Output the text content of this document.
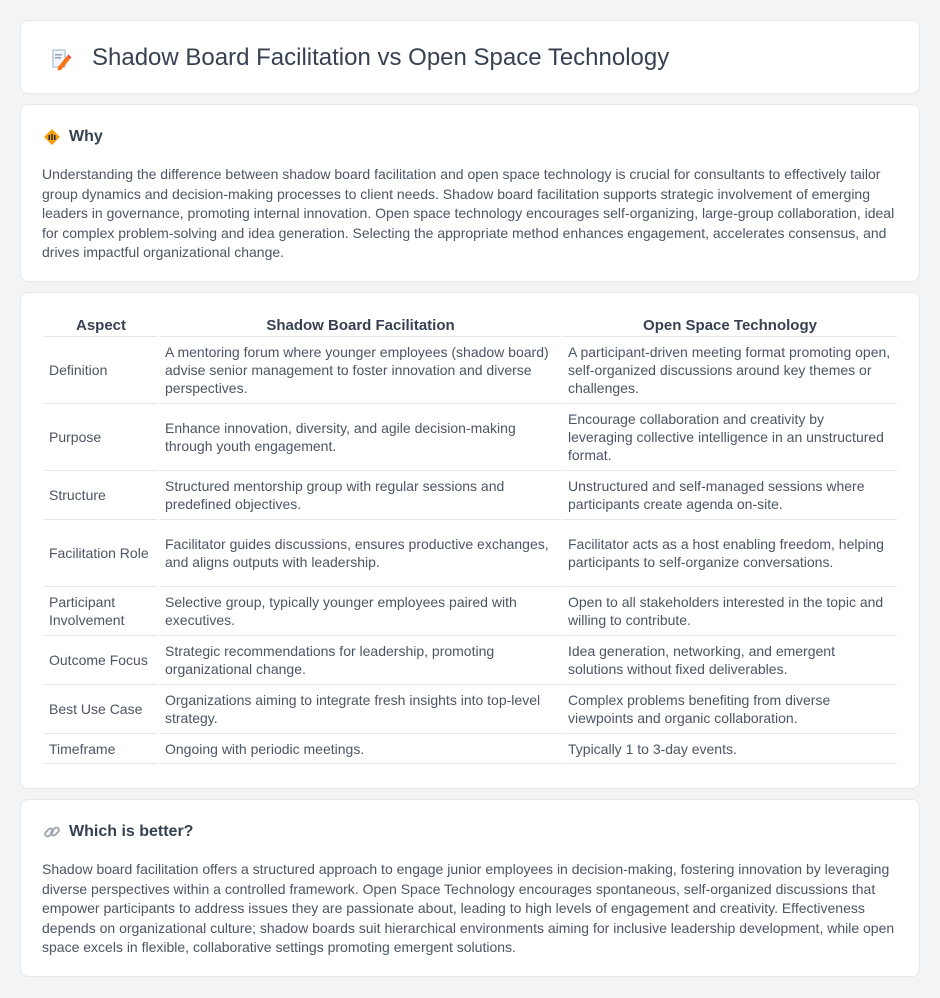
Shadow Board Facilitation vs Open Space Technology
Why

Understanding the difference between shadow board facilitation and open space technology is crucial for consultants to effectively tailor group dynamics and decision-making processes to client needs. Shadow board facilitation supports strategic involvement of emerging leaders in governance, promoting internal innovation. Open space technology encourages self-organizing, large-group collaboration, ideal for complex problem-solving and idea generation. Selecting the appropriate method enhances engagement, accelerates consensus, and drives impactful organizational change.

Aspect	Shadow Board Facilitation	Open Space Technology
Definition	A mentoring forum where younger employees (shadow board) advise senior management to foster innovation and diverse perspectives.	A participant-driven meeting format promoting open, self-organized discussions around key themes or challenges.
Purpose	Enhance innovation, diversity, and agile decision-making through youth engagement.	Encourage collaboration and creativity by leveraging collective intelligence in an unstructured format.
Structure	Structured mentorship group with regular sessions and predefined objectives.	Unstructured and self-managed sessions where participants create agenda on-site.
Facilitation Role	Facilitator guides discussions, ensures productive exchanges, and aligns outputs with leadership.	Facilitator acts as a host enabling freedom, helping participants to self-organize conversations.
Participant Involvement	Selective group, typically younger employees paired with executives.	Open to all stakeholders interested in the topic and willing to contribute.
Outcome Focus	Strategic recommendations for leadership, promoting organizational change.	Idea generation, networking, and emergent solutions without fixed deliverables.
Best Use Case	Organizations aiming to integrate fresh insights into top-level strategy.	Complex problems benefiting from diverse viewpoints and organic collaboration.
Timeframe	Ongoing with periodic meetings.	Typically 1 to 3-day events.
Which is better?

Shadow board facilitation offers a structured approach to engage junior employees in decision-making, fostering innovation by leveraging diverse perspectives within a controlled framework. Open Space Technology encourages spontaneous, self-organized discussions that empower participants to address issues they are passionate about, leading to high levels of engagement and creativity. Effectiveness depends on organizational culture; shadow boards suit hierarchical environments aiming for inclusive leadership development, while open space excels in flexible, collaborative settings promoting emergent solutions.
